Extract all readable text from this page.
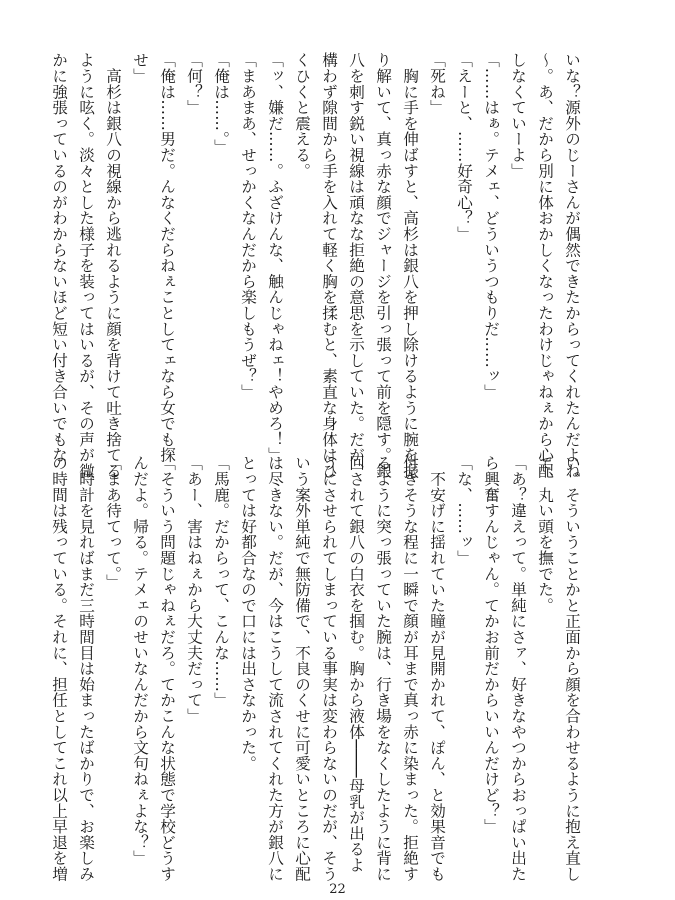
いな？源外のじーさんが偶然できたからってくれたんだよね

〜。あ、だから別に体おかしくなったわけじゃねぇから心配

しなくていーよ」

「……はぁ。テメェ、どういうつもりだ……ッ」

「えーと、……好奇心？」

「死ね」

　胸に手を伸ばすと、高杉は銀八を押し除けるように腕を振

り解いて、真っ赤な顔でジャージを引っ張って前を隠す。銀

八を刺す鋭い視線は頑なな拒絶の意思を示していた。だが、

構わず隙間から手を入れて軽く胸を揉むと、素直な身体はひ

くひくと震える。

「ッ、嫌だ……。ふざけんな、触んじゃねェ！やめろ！」

「まあまあ、せっかくなんだから楽しもうぜ？」

「俺は……。」

「何？」

「俺は……男だ。んなくだらねぇことしてェなら女でも探

せ」

　高杉は銀八の視線から逃れるように顔を背けて吐き捨てる

ように呟く。淡々とした様子を装ってはいるが、その声が微

かに強張っているのがわからないほど短い付き合いでもな

い。そういうことかと正面から顔を合わせるように抱え直し

て、丸い頭を撫でた。

「あ？違えって。単純にさァ、好きなやつからおっぱい出た

ら興奮すんじゃん。てかお前だからいいんだけど？」

「な、……ッ」

　不安げに揺れていた瞳が見開かれて、ぽん、と効果音でも

付きそうな程に一瞬で顔が耳まで真っ赤に染まった。拒絶す

るように突っ張っていた腕は、行き場をなくしたように背に

回されて銀八の白衣を掴む。胸から液体────母乳が出るよ

うにさせられてしまっている事実は変わらないのだが、そう

いう案外単純で無防備で、不良のくせに可愛いところに心配

は尽きない。だが、今はこうして流されてくれた方が銀八に

とっては好都合なので口には出さなかった。

「馬鹿。だからって、こんな……」

「あー、害はねぇから大丈夫だって」

「そういう問題じゃねぇだろ。てかこんな状態で学校どうす

んだよ。帰る。テメェのせいなんだから文句ねぇよな？」

「まあ待てって。」

　時計を見ればまだ三時間目は始まったばかりで、お楽しみ

の時間は残っている。それに、担任としてこれ以上早退を増

22
